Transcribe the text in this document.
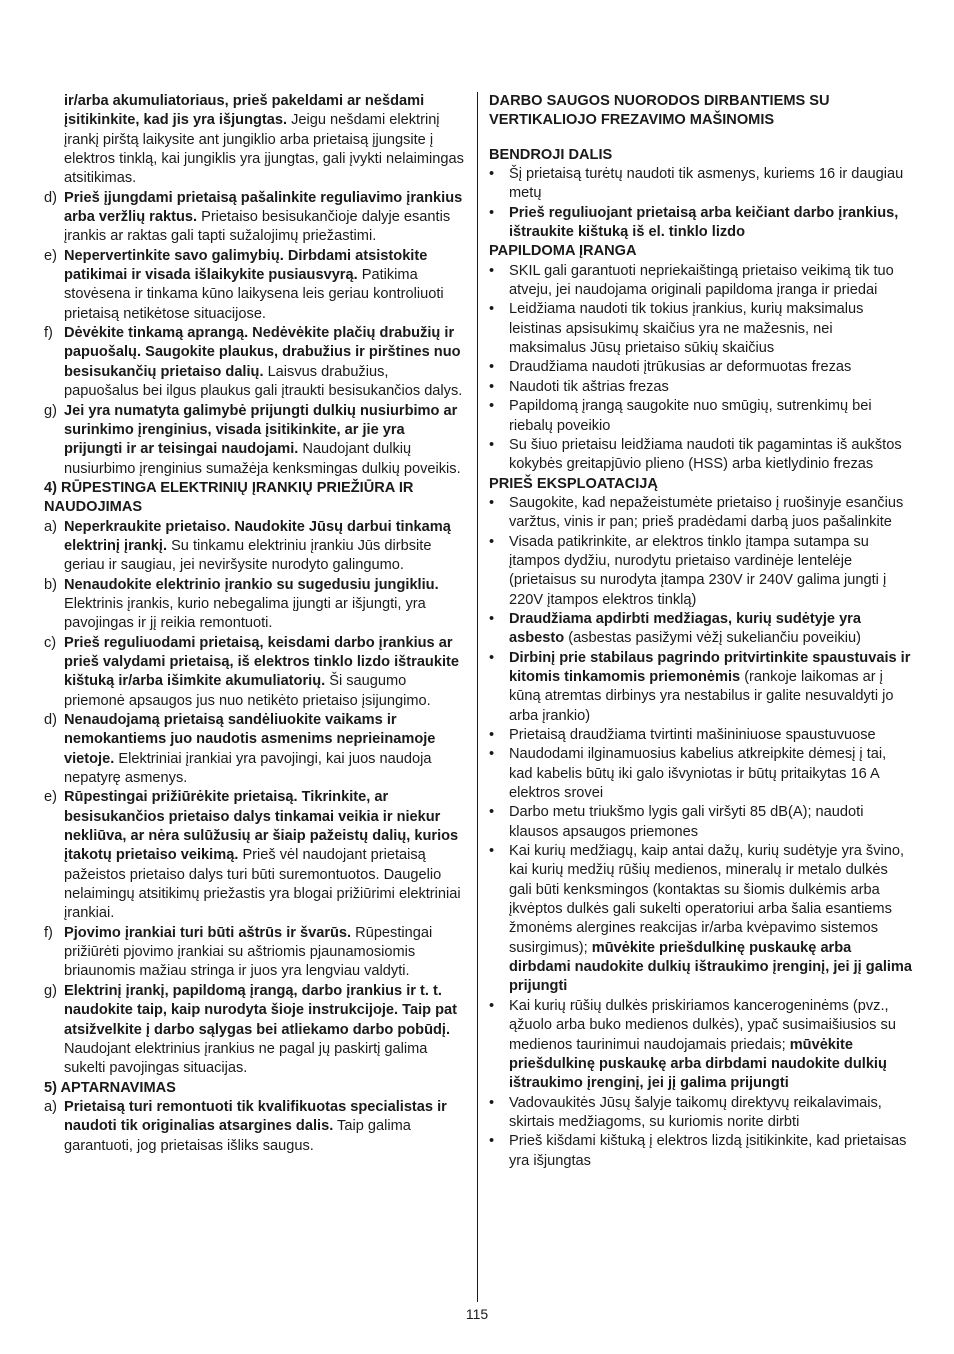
ir/arba akumuliatoriaus, prieš pakeldami ar nešdami įsitikinkite, kad jis yra išjungtas. Jeigu nešdami elektrinį įrankį pirštą laikysite ant jungiklio arba prietaisą įjungsite į elektros tinklą, kai jungiklis yra įjungtas, gali įvykti nelaimingas atsitikimas.
d) Prieš įjungdami prietaisą pašalinkite reguliavimo įrankius arba veržlių raktus. Prietaiso besisukančioje dalyje esantis įrankis ar raktas gali tapti sužalojimų priežastimi.
e) Nepervertinkite savo galimybių. Dirbdami atsistokite patikimai ir visada išlaikykite pusiausvyrą. Patikima stovėsena ir tinkama kūno laikysena leis geriau kontroliuoti prietaisą netikėtose situacijose.
f) Dėvėkite tinkamą aprangą. Nedėvėkite plačių drabužių ir papuošalų. Saugokite plaukus, drabužius ir pirštines nuo besisukančių prietaiso dalių. Laisvus drabužius, papuošalus bei ilgus plaukus gali įtraukti besisukančios dalys.
g) Jei yra numatyta galimybė prijungti dulkių nusiurbimo ar surinkimo įrenginius, visada įsitikinkite, ar jie yra prijungti ir ar teisingai naudojami. Naudojant dulkių nusiurbimo įrenginius sumažėja kenksmingas dulkių poveikis.
4) RŪPESTINGA ELEKTRINIŲ ĮRANKIŲ PRIEŽIŪRA IR NAUDOJIMAS
a) Neperkraukite prietaiso. Naudokite Jūsų darbui tinkamą elektrinį įrankį. Su tinkamu elektriniu įrankiu Jūs dirbsite geriau ir saugiau, jei neviršysite nurodyto galingumo.
b) Nenaudokite elektrinio įrankio su sugedusiu jungikliu. Elektrinis įrankis, kurio nebegalima įjungti ar išjungti, yra pavojingas ir jį reikia remontuoti.
c) Prieš reguliuodami prietaisą, keisdami darbo įrankius ar prieš valydami prietaisą, iš elektros tinklo lizdo ištraukite kištuką ir/arba išimkite akumuliatorių. Ši saugumo priemonė apsaugos jus nuo netikėto prietaiso įsijungimo.
d) Nenaudojamą prietaisą sandėliuokite vaikams ir nemokantiems juo naudotis asmenims neprieinamoje vietoje. Elektriniai įrankiai yra pavojingi, kai juos naudoja nepatyrę asmenys.
e) Rūpestingai prižiūrėkite prietaisą. Tikrinkite, ar besisukančios prietaiso dalys tinkamai veikia ir niekur nekliūva, ar nėra sulūžusių ar šiaip pažeistų dalių, kurios įtakotų prietaiso veikimą. Prieš vėl naudojant prietaisą pažeistos prietaiso dalys turi būti suremontuotos. Daugelio nelaimingų atsitikimų priežastis yra blogai prižiūrimi elektriniai įrankiai.
f) Pjovimo įrankiai turi būti aštrūs ir švarūs. Rūpestingai prižiūrėti pjovimo įrankiai su aštriomis pjaunamosiomis briaunomis mažiau stringa ir juos yra lengviau valdyti.
g) Elektrinį įrankį, papildomą įrangą, darbo įrankius ir t. t. naudokite taip, kaip nurodyta šioje instrukcijoje. Taip pat atsižvelkite į darbo sąlygas bei atliekamo darbo pobūdį. Naudojant elektrinius įrankius ne pagal jų paskirtį galima sukelti pavojingas situacijas.
5) APTARNAVIMAS
a) Prietaisą turi remontuoti tik kvalifikuotas specialistas ir naudoti tik originalias atsargines dalis. Taip galima garantuoti, jog prietaisas išliks saugus.
DARBO SAUGOS NUORODOS DIRBANTIEMS SU VERTIKALIOJO FREZAVIMO MAŠINOMIS
BENDROJI DALIS
•	Šį prietaisą turėtų naudoti tik asmenys, kuriems 16 ir daugiau metų
•	Prieš reguliuojant prietaisą arba keičiant darbo įrankius, ištraukite kištuką iš el. tinklo lizdo
PAPILDOMA ĮRANGA
•	SKIL gali garantuoti nepriekaištingą prietaiso veikimą tik tuo atveju, jei naudojama originali papildoma įranga ir priedai
•	Leidžiama naudoti tik tokius įrankius, kurių maksimalus leistinas apsisukimų skaičius yra ne mažesnis, nei maksimalus Jūsų prietaiso sūkių skaičius
•	Draudžiama naudoti įtrūkusias ar deformuotas frezas
•	Naudoti tik aštrias frezas
•	Papildomą įrangą saugokite nuo smūgių, sutrenkimų bei riebalų poveikio
•	Su šiuo prietaisu leidžiama naudoti tik pagamintas iš aukštos kokybės greitapjūvio plieno (HSS) arba kietlydinio frezas
PRIEŠ EKSPLOATACIJĄ
•	Saugokite, kad nepažeistumėte prietaiso į ruošinyje esančius varžtus, vinis ir pan; prieš pradėdami darbą juos pašalinkite
•	Visada patikrinkite, ar elektros tinklo įtampa sutampa su įtampos dydžiu, nurodytu prietaiso vardinėje lentelėje (prietaisus su nurodyta įtampa 230V ir 240V galima jungti į 220V įtampos elektros tinklą)
•	Draudžiama apdirbti medžiagas, kurių sudėtyje yra asbesto (asbestas pasižymi vėžį sukeliančiu poveikiu)
•	Dirbinį prie stabilaus pagrindo pritvirtinkite spaustuvais ir kitomis tinkamomis priemonėmis (rankoje laikomas ar į kūną atremtas dirbinys yra nestabilus ir galite nesuvaldyti jo arba įrankio)
•	Prietaisą draudžiama tvirtinti mašininiuose spaustuvuose
•	Naudodami ilginamuosius kabelius atkreipkite dėmesį į tai, kad kabelis būtų iki galo išvyniotas ir būtų pritaikytas 16 A elektros srovei
•	Darbo metu triukšmo lygis gali viršyti 85 dB(A); naudoti klausos apsaugos priemones
•	Kai kurių medžiagų, kaip antai dažų, kurių sudėtyje yra švino, kai kurių medžių rūšių medienos, mineralų ir metalo dulkės gali būti kenksmingos (kontaktas su šiomis dulkėmis arba įkvėptos dulkės gali sukelti operatoriui arba šalia esantiems žmonėms alergines reakcijas ir/arba kvėpavimo sistemos susirgimus); mūvėkite priešdulkinę puskaukę arba dirbdami naudokite dulkių ištraukimo įrenginį, jei jį galima prijungti
•	Kai kurių rūšių dulkės priskiriamos kancerogeninėms (pvz., ąžuolo arba buko medienos dulkės), ypač susimaišiusios su medienos taurinimui naudojamais priedais; mūvėkite priešdulkinę puskaukę arba dirbdami naudokite dulkių ištraukimo įrenginį, jei jį galima prijungti
•	Vadovaukitės Jūsų šalyje taikomų direktyvų reikalavimais, skirtais medžiagoms, su kuriomis norite dirbti
•	Prieš kišdami kištuką į elektros lizdą įsitikinkite, kad prietaisas yra išjungtas
115
